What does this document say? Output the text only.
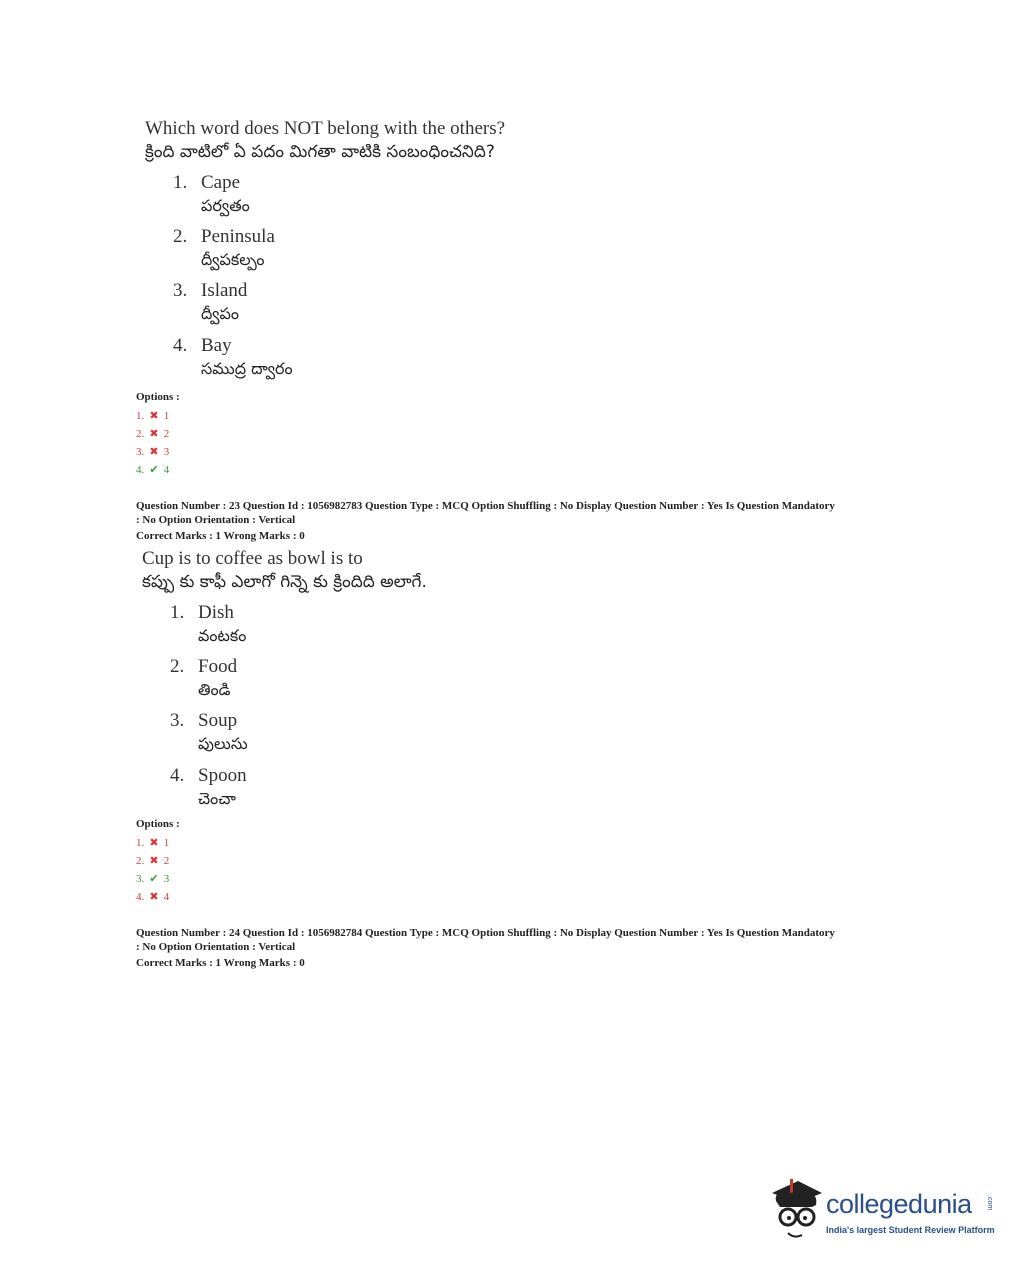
Which word does NOT belong with the others?
క్రింది వాటిలో ఏ పదం మిగతా వాటికి సంబంధించనిది?
1. Cape
పర్వతం
2. Peninsula
ద్వీపకల్పం
3. Island
ద్వీపం
4. Bay
సముద్ర ద్వారం
Options :
1. ✖ 1
2. ✖ 2
3. ✖ 3
4. ✔ 4
Question Number : 23 Question Id : 1056982783 Question Type : MCQ Option Shuffling : No Display Question Number : Yes Is Question Mandatory
: No Option Orientation : Vertical
Correct Marks : 1 Wrong Marks : 0
Cup is to coffee as bowl is to
కప్పు కు కాఫీ ఎలాగో గిన్నె కు క్రిందిది అలాగే.
1. Dish
వంటకం
2. Food
తిండి
3. Soup
పులుసు
4. Spoon
చెంచా
Options :
1. ✖ 1
2. ✖ 2
3. ✔ 3
4. ✖ 4
Question Number : 24 Question Id : 1056982784 Question Type : MCQ Option Shuffling : No Display Question Number : Yes Is Question Mandatory
: No Option Orientation : Vertical
Correct Marks : 1 Wrong Marks : 0
collegedunia .com
India's largest Student Review Platform
